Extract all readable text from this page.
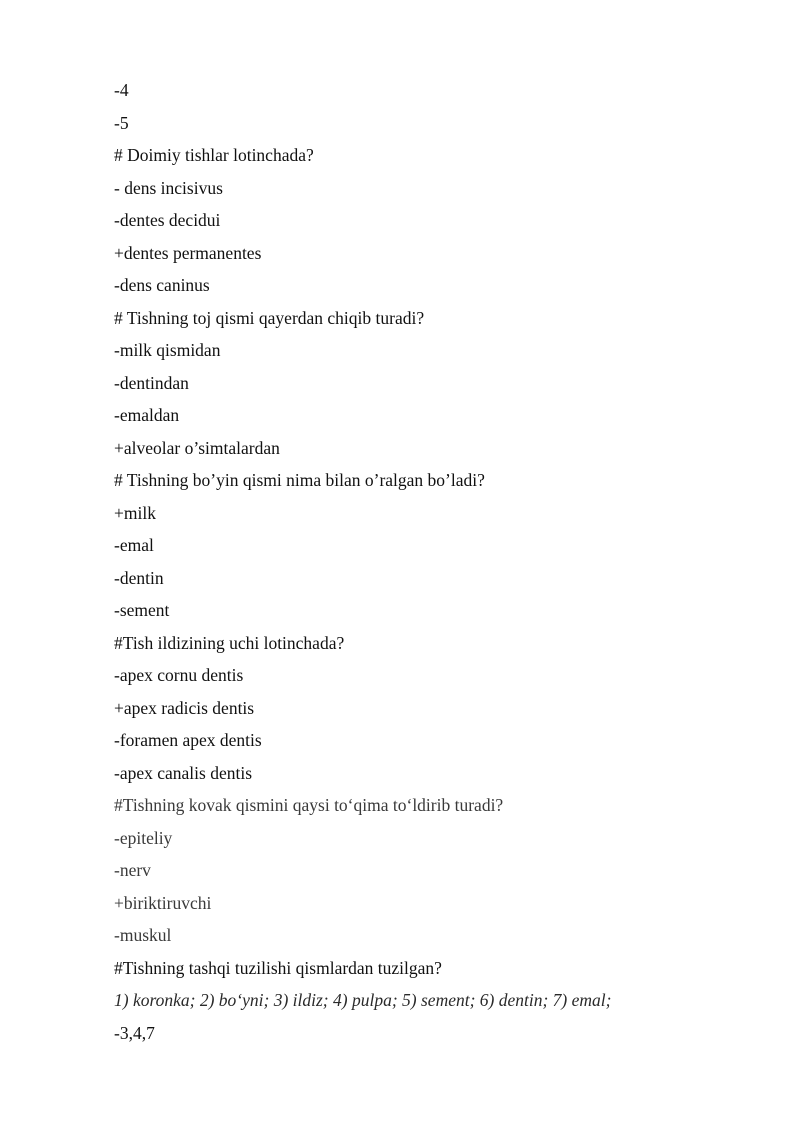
-4
-5
# Doimiy tishlar lotinchada?
- dens incisivus
-dentes decidui
+dentes permanentes
-dens caninus
# Tishning toj qismi qayerdan chiqib turadi?
-milk qismidan
-dentindan
-emaldan
+alveolar o’simtalardan
# Tishning bo’yin qismi nima bilan o’ralgan bo’ladi?
+milk
-emal
-dentin
-sement
#Tish ildizining uchi lotinchada?
-apex cornu dentis
+apex radicis dentis
-foramen apex dentis
-apex canalis dentis
#Tishning kovak qismini qaysi to‘qima to‘ldirib turadi?
-epiteliy
-nerv
+biriktiruvchi
-muskul
#Tishning tashqi tuzilishi qismlardan tuzilgan?
1) koronka; 2) bo‘yni; 3) ildiz; 4) pulpa; 5) sement; 6) dentin; 7) emal;
-3,4,7
